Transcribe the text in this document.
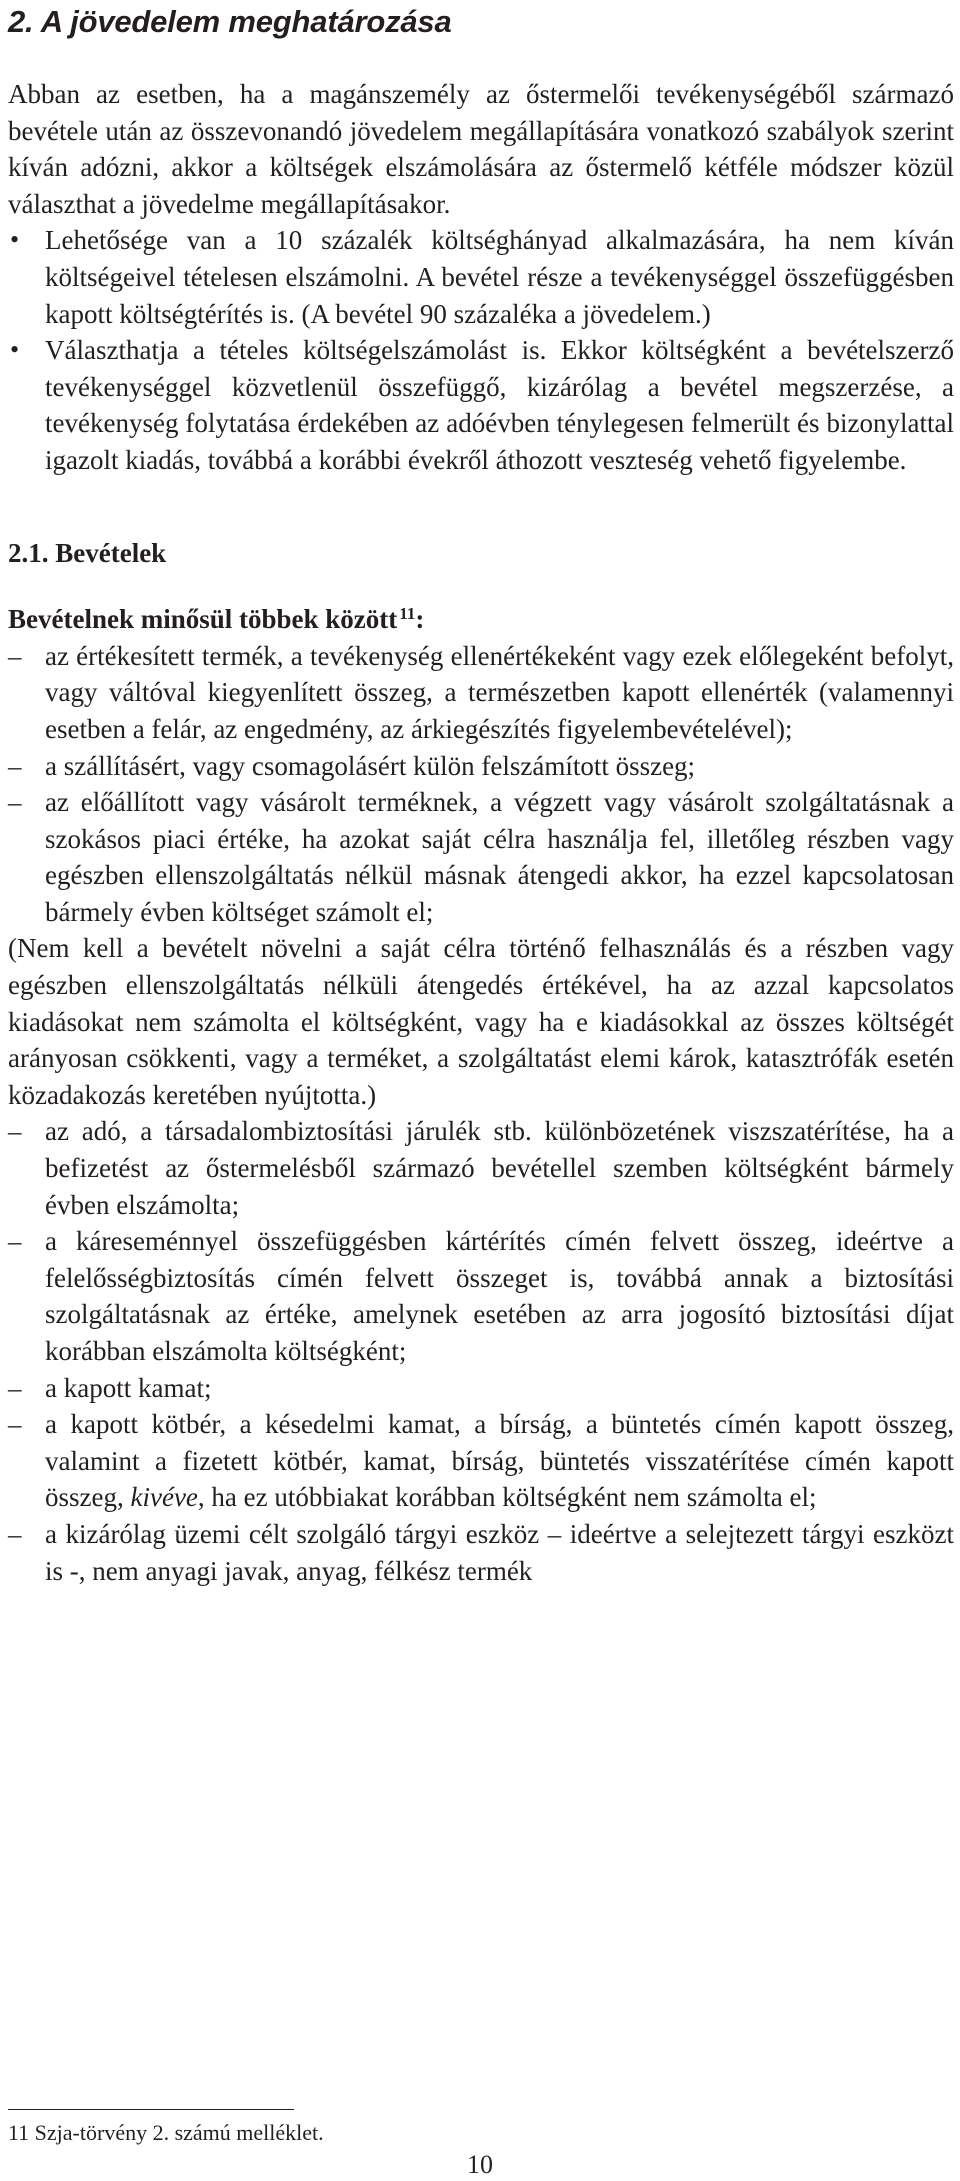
2. A jövedelem meghatározása

Abban az esetben, ha a magánszemély az őstermelői tevékenységéből származó bevétele után az összevonandó jövedelem megállapítására vonatkozó szabályok szerint kíván adózni, akkor a költségek elszámolására az őstermelő kétféle módszer közül választhat a jövedelme megállapításakor.

• Lehetősége van a 10 százalék költséghányad alkalmazására, ha nem kíván költségeivel tételesen elszámolni. A bevétel része a tevékenységgel összefüggésben kapott költségtérítés is. (A bevétel 90 százaléka a jövedelem.)
• Választhatja a tételes költségelszámolást is. Ekkor költségként a bevételszerző tevékenységgel közvetlenül összefüggő, kizárólag a bevétel megszerzése, a tevékenység folytatása érdekében az adóévben ténylegesen felmerült és bizonylattal igazolt kiadás, továbbá a korábbi évekről áthozott veszteség vehető figyelembe.

2.1. Bevételek

Bevételnek minősül többek között $^{11}$:

– az értékesített termék, a tevékenység ellenértékeként vagy ezek előlegeként befolyt, vagy váltóval kiegyenlített összeg, a természetben kapott ellenérték (valamennyi esetben a felár, az engedmény, az árkiegészítés figyelembevételével);
– a szállításért, vagy csomagolásért külön felszámított összeg;
– az előállított vagy vásárolt terméknek, a végzett vagy vásárolt szolgáltatásnak a szokásos piaci értéke, ha azokat saját célra használja fel, illetőleg részben vagy egészben ellenszolgáltatás nélkül másnak átengedi akkor, ha ezzel kapcsolatosan bármely évben költséget számolt el;

(Nem kell a bevételt növelni a saját célra történő felhasználás és a részben vagy egészben ellenszolgáltatás nélküli átengedés értékével, ha az azzal kapcsolatos kiadásokat nem számolta el költségként, vagy ha e kiadásokkal az összes költségét arányosan csökkenti, vagy a terméket, a szolgáltatást elemi károk, katasztrófák esetén közadakozás keretében nyújtotta.)

– az adó, a társadalombiztosítási járulék stb. különbözetének viszszatérítése, ha a befizetést az őstermelésből származó bevétellel szemben költségként bármely évben elszámolta;
– a káreseménnyel összefüggésben kártérítés címén felvett összeg, ideértve a felelősségbiztosítás címén felvett összeget is, továbbá annak a biztosítási szolgáltatásnak az értéke, amelynek esetében az arra jogosító biztosítási díjat korábban elszámolta költségként;
– a kapott kamat;
– a kapott kötbér, a késedelmi kamat, a bírság, a büntetés címén kapott összeg, valamint a fizetett kötbér, kamat, bírság, büntetés visszatérítése címén kapott összeg, kivéve, ha ez utóbbiakat korábban költségként nem számolta el;
– a kizárólag üzemi célt szolgáló tárgyi eszköz – ideértve a selejtezett tárgyi eszközt is -, nem anyagi javak, anyag, félkész termék
11 Szja-törvény 2. számú melléklet.
10
